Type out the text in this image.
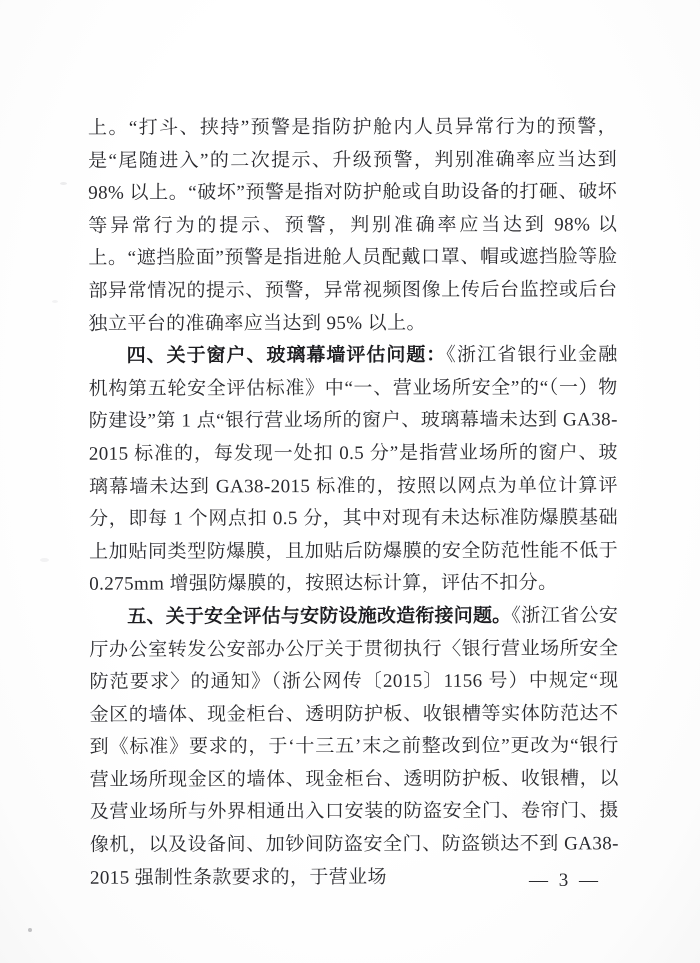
上。“打斗、挟持”预警是指防护舱内人员异常行为的预警，是“尾随进入”的二次提示、升级预警，判别准确率应当达到 98% 以上。“破坏”预警是指对防护舱或自助设备的打砸、破坏等异常行为的提示、预警，判别准确率应当达到 98% 以上。“遮挡脸面”预警是指进舱人员配戴口罩、帽或遮挡脸等脸部异常情况的提示、预警，异常视频图像上传后台监控或后台独立平台的准确率应当达到 95% 以上。

四、关于窗户、玻璃幕墙评估问题：《浙江省银行业金融机构第五轮安全评估标准》中“一、营业场所安全”的“（一）物防建设”第 1 点“银行营业场所的窗户、玻璃幕墙未达到 GA38-2015 标准的，每发现一处扣 0.5 分”是指营业场所的窗户、玻璃幕墙未达到 GA38-2015 标准的，按照以网点为单位计算评分，即每 1 个网点扣 0.5 分，其中对现有未达标准防爆膜基础上加贴同类型防爆膜，且加贴后防爆膜的安全防范性能不低于 0.275mm 增强防爆膜的，按照达标计算，评估不扣分。

五、关于安全评估与安防设施改造衔接问题。《浙江省公安厅办公室转发公安部办公厅关于贯彻执行〈银行营业场所安全防范要求〉的通知》（浙公网传〔2015〕1156 号）中规定“现金区的墙体、现金柜台、透明防护板、收银槽等实体防范达不到《标准》要求的，于‘十三五’末之前整改到位”更改为“银行营业场所现金区的墙体、现金柜台、透明防护板、收银槽，以及营业场所与外界相通出入口安装的防盗安全门、卷帘门、摄像机，以及设备间、加钞间防盗安全门、防盗锁达不到 GA38-2015 强制性条款要求的，于营业场	— 3 —
